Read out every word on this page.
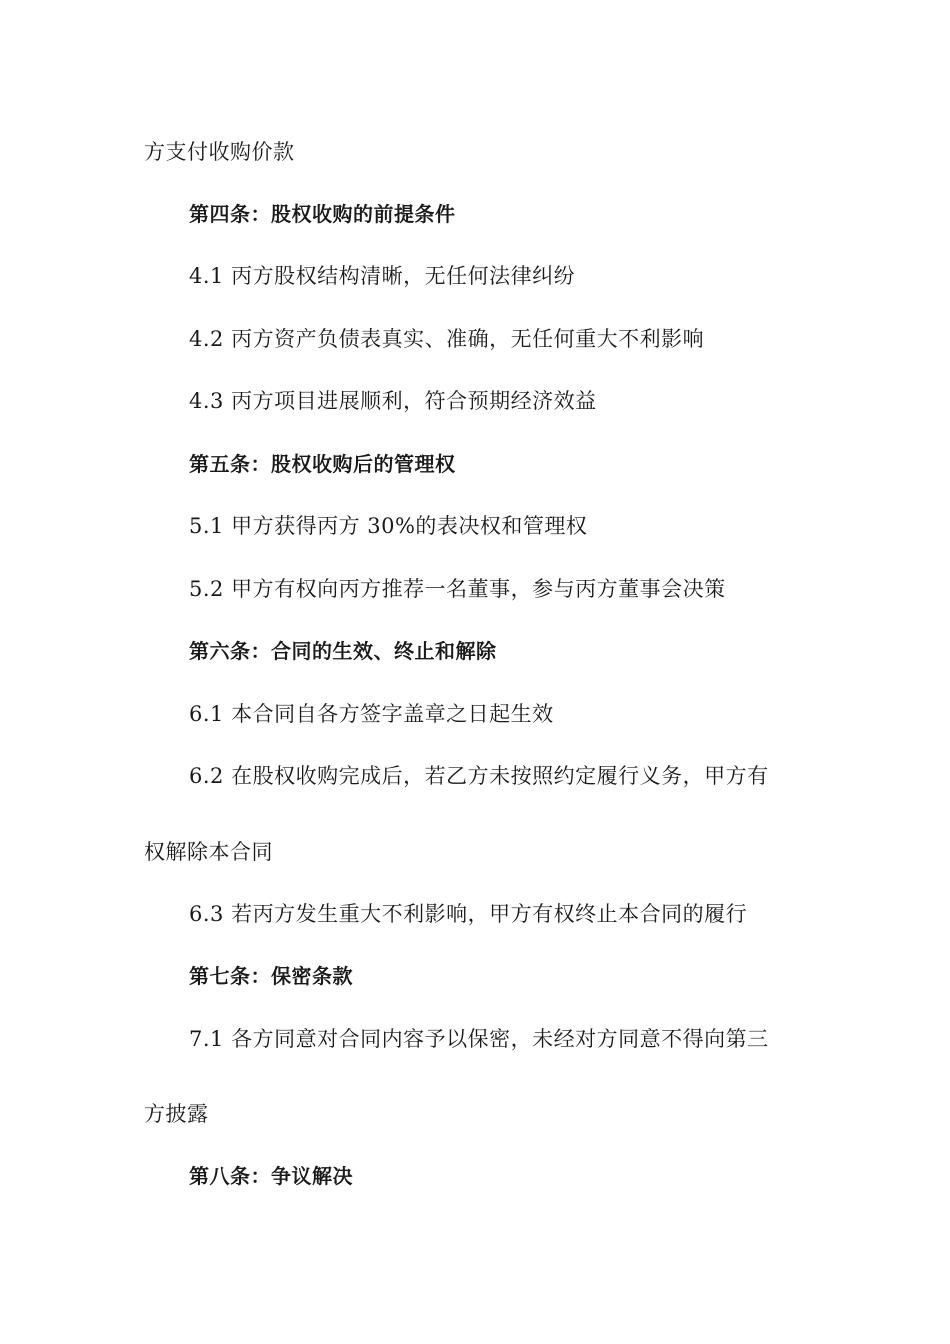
方支付收购价款
第四条：股权收购的前提条件
4.1 丙方股权结构清晰，无任何法律纠纷
4.2 丙方资产负债表真实、准确，无任何重大不利影响
4.3 丙方项目进展顺利，符合预期经济效益
第五条：股权收购后的管理权
5.1 甲方获得丙方 30%的表决权和管理权
5.2 甲方有权向丙方推荐一名董事，参与丙方董事会决策
第六条：合同的生效、终止和解除
6.1 本合同自各方签字盖章之日起生效
6.2 在股权收购完成后，若乙方未按照约定履行义务，甲方有
权解除本合同
6.3 若丙方发生重大不利影响，甲方有权终止本合同的履行
第七条：保密条款
7.1 各方同意对合同内容予以保密，未经对方同意不得向第三
方披露
第八条：争议解决
